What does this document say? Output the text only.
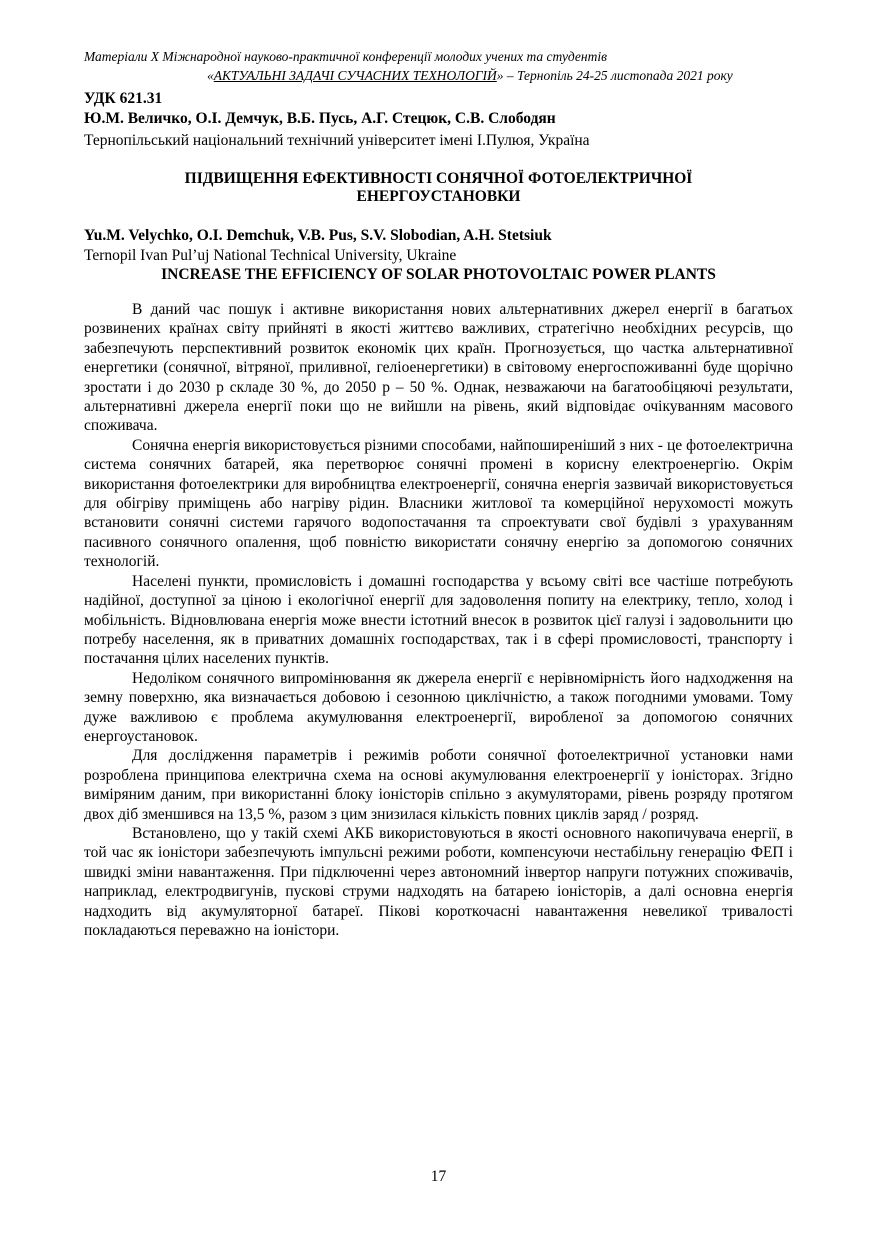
Матеріали X Міжнародної науково-практичної конференції молодих учених та студентів
«АКТУАЛЬНІ ЗАДАЧІ СУЧАСНИХ ТЕХНОЛОГІЙ» – Тернопіль 24-25 листопада 2021 року
УДК 621.31
Ю.М. Величко, О.І. Демчук, В.Б. Пусь, А.Г. Стецюк, С.В. Слободян
Тернопільський національний технічний університет імені І.Пулюя, Україна
ПІДВИЩЕННЯ ЕФЕКТИВНОСТІ СОНЯЧНОЇ ФОТОЕЛЕКТРИЧНОЇ
ЕНЕРГОУСТАНОВКИ
Yu.M. Velychko, O.I. Demchuk, V.B. Pus, S.V. Slobodian, A.H. Stetsiuk
Ternopil Ivan Pul’uj National Technical University, Ukraine
INCREASE THE EFFICIENCY OF SOLAR PHOTOVOLTAIC POWER PLANTS

В даний час пошук і активне використання нових альтернативних джерел енергії в багатьох розвинених країнах світу прийняті в якості життєво важливих, стратегічно необхідних ресурсів, що забезпечують перспективний розвиток економік цих країн. Прогнозується, що частка альтернативної енергетики (сонячної, вітряної, приливної, геліоенергетики) в світовому енергоспоживанні буде щорічно зростати і до 2030 р складе 30 %, до 2050 р – 50 %. Однак, незважаючи на багатообіцяючі результати, альтернативні джерела енергії поки що не вийшли на рівень, який відповідає очікуванням масового споживача.

Сонячна енергія використовується різними способами, найпоширеніший з них - це фотоелектрична система сонячних батарей, яка перетворює сонячні промені в корисну електроенергію. Окрім використання фотоелектрики для виробництва електроенергії, сонячна енергія зазвичай використовується для обігріву приміщень або нагріву рідин. Власники житлової та комерційної нерухомості можуть встановити сонячні системи гарячого водопостачання та спроектувати свої будівлі з урахуванням пасивного сонячного опалення, щоб повністю використати сонячну енергію за допомогою сонячних технологій.

Населені пункти, промисловість і домашні господарства у всьому світі все частіше потребують надійної, доступної за ціною і екологічної енергії для задоволення попиту на електрику, тепло, холод і мобільність. Відновлювана енергія може внести істотний внесок в розвиток цієї галузі і задовольнити цю потребу населення, як в приватних домашніх господарствах, так і в сфері промисловості, транспорту і постачання цілих населених пунктів.

Недоліком сонячного випромінювання як джерела енергії є нерівномірність його надходження на земну поверхню, яка визначається добовою і сезонною циклічністю, а також погодними умовами. Тому дуже важливою є проблема акумулювання електроенергії, виробленої за допомогою сонячних енергоустановок.

Для дослідження параметрів і режимів роботи сонячної фотоелектричної установки нами розроблена принципова електрична схема на основі акумулювання електроенергії у іоністорах. Згідно виміряним даним, при використанні блоку іоністорів спільно з акумуляторами, рівень розряду протягом двох діб зменшився на 13,5 %, разом з цим знизилася кількість повних циклів заряд / розряд.

Встановлено, що у такій схемі АКБ використовуються в якості основного накопичувача енергії, в той час як іоністори забезпечують імпульсні режими роботи, компенсуючи нестабільну генерацію ФЕП і швидкі зміни навантаження. При підключенні через автономний інвертор напруги потужних споживачів, наприклад, електродвигунів, пускові струми надходять на батарею іоністорів, а далі основна енергія надходить від акумуляторної батареї. Пікові короткочасні навантаження невеликої тривалості покладаються переважно на іоністори.

17
